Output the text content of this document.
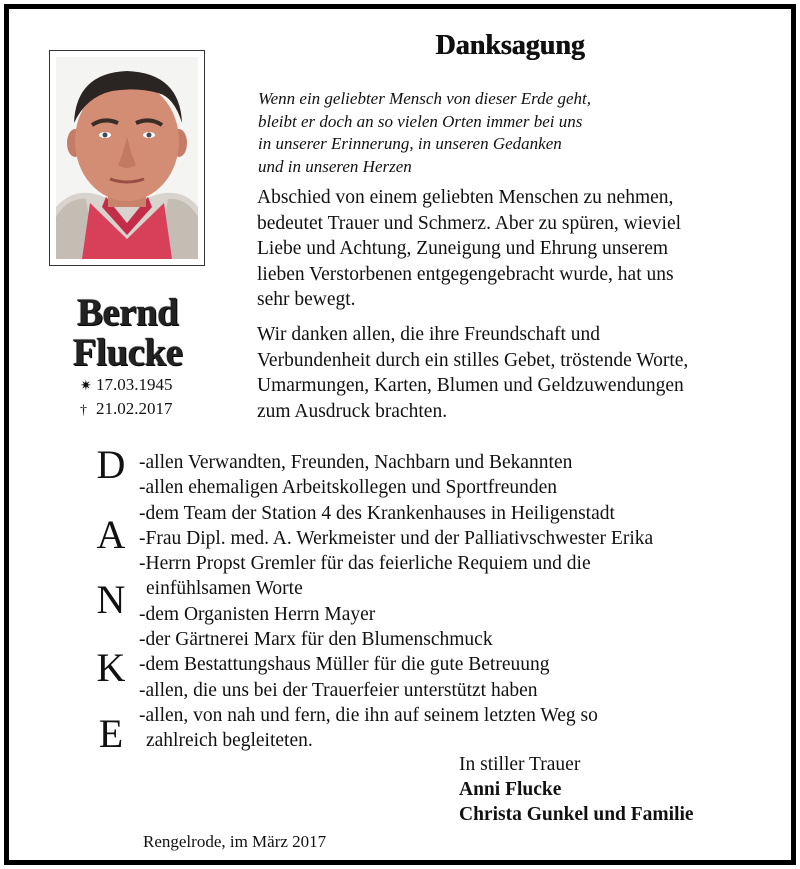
Bernd
Flucke
✷ 17.03.1945
† 21.02.2017
Danksagung
Wenn ein geliebter Mensch von dieser Erde geht,
bleibt er doch an so vielen Orten immer bei uns
in unserer Erinnerung, in unseren Gedanken
und in unseren Herzen
Abschied von einem geliebten Menschen zu nehmen,
bedeutet Trauer und Schmerz. Aber zu spüren, wieviel
Liebe und Achtung, Zuneigung und Ehrung unserem
lieben Verstorbenen entgegengebracht wurde, hat uns
sehr bewegt.
Wir danken allen, die ihre Freundschaft und
Verbundenheit durch ein stilles Gebet, tröstende Worte,
Umarmungen, Karten, Blumen und Geldzuwendungen
zum Ausdruck brachten.
D
A
N
K
E
-allen Verwandten, Freunden, Nachbarn und Bekannten
-allen ehemaligen Arbeitskollegen und Sportfreunden
-dem Team der Station 4 des Krankenhauses in Heiligenstadt
-Frau Dipl. med. A. Werkmeister und der Palliativschwester Erika
-Herrn Propst Gremler für das feierliche Requiem und die
einfühlsamen Worte
-dem Organisten Herrn Mayer
-der Gärtnerei Marx für den Blumenschmuck
-dem Bestattungshaus Müller für die gute Betreuung
-allen, die uns bei der Trauerfeier unterstützt haben
-allen, von nah und fern, die ihn auf seinem letzten Weg so
zahlreich begleiteten.
In stiller Trauer
Anni Flucke
Christa Gunkel und Familie
Rengelrode, im März 2017
